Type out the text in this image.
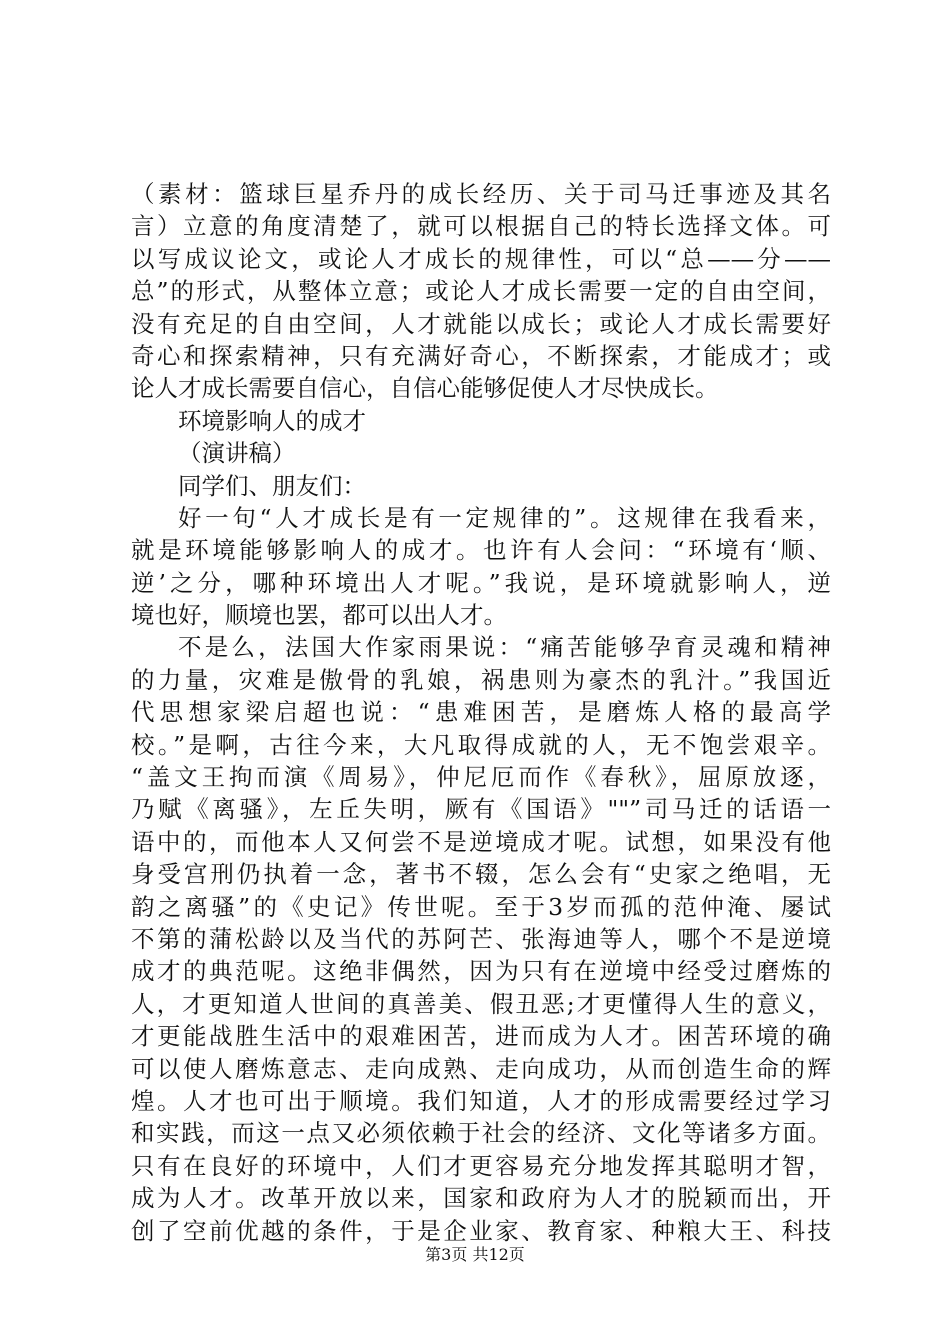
（素材：篮球巨星乔丹的成长经历、关于司马迁事迹及其名
言）立意的角度清楚了，就可以根据自己的特长选择文体。可
以写成议论文，或论人才成长的规律性，可以“总——分——
总”的形式，从整体立意；或论人才成长需要一定的自由空间，
没有充足的自由空间，人才就能以成长；或论人才成长需要好
奇心和探索精神，只有充满好奇心，不断探索，才能成才；或
论人才成长需要自信心，自信心能够促使人才尽快成长。
环境影响人的成才
（演讲稿）
同学们、朋友们：
好一句“人才成长是有一定规律的”。这规律在我看来，
就是环境能够影响人的成才。也许有人会问：“环境有‘顺、
逆’之分，哪种环境出人才呢。”我说，是环境就影响人，逆
境也好，顺境也罢，都可以出人才。
不是么，法国大作家雨果说：“痛苦能够孕育灵魂和精神
的力量，灾难是傲骨的乳娘，祸患则为豪杰的乳汁。”我国近
代思想家梁启超也说：“患难困苦，是磨炼人格的最高学
校。”是啊，古往今来，大凡取得成就的人，无不饱尝艰辛。
“盖文王拘而演《周易》，仲尼厄而作《春秋》，屈原放逐，
乃赋《离骚》，左丘失明，厥有《国语》""”司马迁的话语一
语中的，而他本人又何尝不是逆境成才呢。试想，如果没有他
身受宫刑仍执着一念，著书不辍，怎么会有“史家之绝唱，无
韵之离骚”的《史记》传世呢。至于3岁而孤的范仲淹、屡试
不第的蒲松龄以及当代的苏阿芒、张海迪等人，哪个不是逆境
成才的典范呢。这绝非偶然，因为只有在逆境中经受过磨炼的
人，才更知道人世间的真善美、假丑恶;才更懂得人生的意义，
才更能战胜生活中的艰难困苦，进而成为人才。困苦环境的确
可以使人磨炼意志、走向成熟、走向成功，从而创造生命的辉
煌。人才也可出于顺境。我们知道，人才的形成需要经过学习
和实践，而这一点又必须依赖于社会的经济、文化等诸多方面。
只有在良好的环境中，人们才更容易充分地发挥其聪明才智，
成为人才。改革开放以来，国家和政府为人才的脱颖而出，开
创了空前优越的条件，于是企业家、教育家、种粮大王、科技
第3页 共12页
